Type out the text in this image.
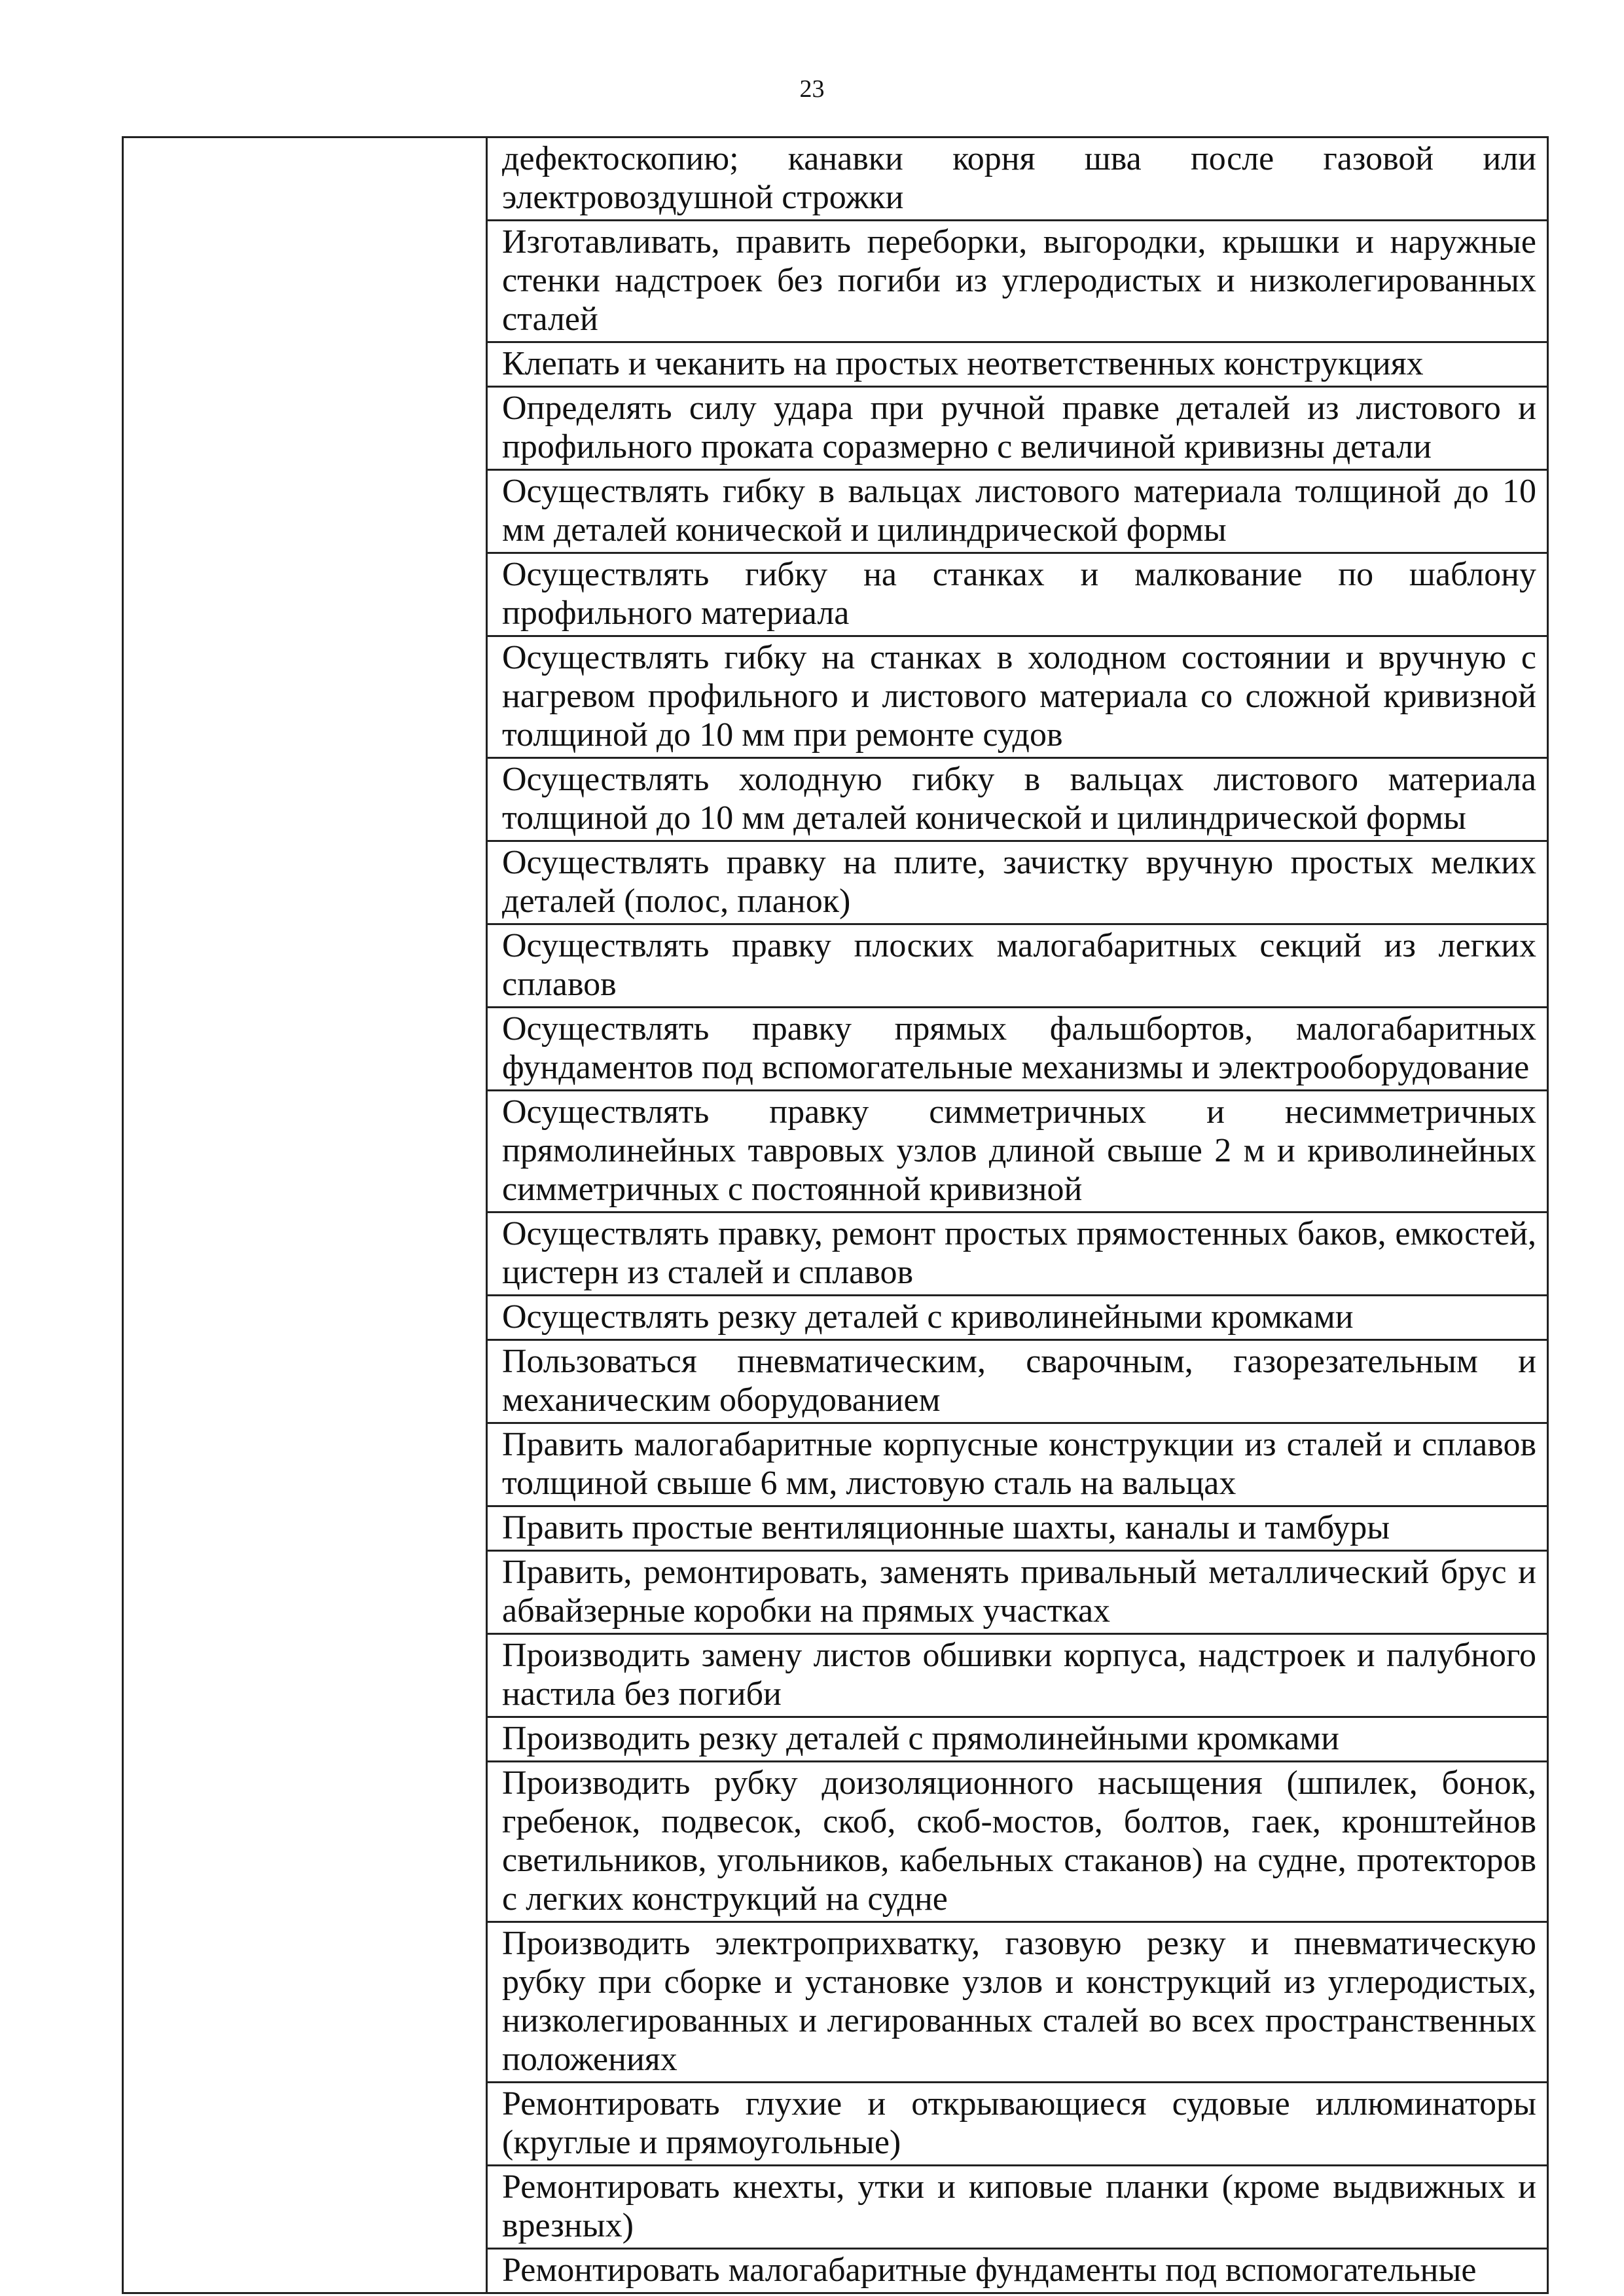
23
дефектоскопию; канавки корня шва после газовой или электровоздушной строжки
Изготавливать, править переборки, выгородки, крышки и наружные стенки надстроек без погиби из углеродистых и низколегированных сталей
Клепать и чеканить на простых неответственных конструкциях
Определять силу удара при ручной правке деталей из листового и профильного проката соразмерно с величиной кривизны детали
Осуществлять гибку в вальцах листового материала толщиной до 10 мм деталей конической и цилиндрической формы
Осуществлять гибку на станках и малкование по шаблону профильного материала
Осуществлять гибку на станках в холодном состоянии и вручную с нагревом профильного и листового материала со сложной кривизной толщиной до 10 мм при ремонте судов
Осуществлять холодную гибку в вальцах листового материала толщиной до 10 мм деталей конической и цилиндрической формы
Осуществлять правку на плите, зачистку вручную простых мелких деталей (полос, планок)
Осуществлять правку плоских малогабаритных секций из легких сплавов
Осуществлять правку прямых фальшбортов, малогабаритных фундаментов под вспомогательные механизмы и электрооборудование
Осуществлять правку симметричных и несимметричных прямолинейных тавровых узлов длиной свыше 2 м и криволинейных симметричных с постоянной кривизной
Осуществлять правку, ремонт простых прямостенных баков, емкостей, цистерн из сталей и сплавов
Осуществлять резку деталей с криволинейными кромками
Пользоваться пневматическим, сварочным, газорезательным и механическим оборудованием
Править малогабаритные корпусные конструкции из сталей и сплавов толщиной свыше 6 мм, листовую сталь на вальцах
Править простые вентиляционные шахты, каналы и тамбуры
Править, ремонтировать, заменять привальный металлический брус и абвайзерные коробки на прямых участках
Производить замену листов обшивки корпуса, надстроек и палубного настила без погиби
Производить резку деталей с прямолинейными кромками
Производить рубку доизоляционного насыщения (шпилек, бонок, гребенок, подвесок, скоб, скоб-мостов, болтов, гаек, кронштейнов светильников, угольников, кабельных стаканов) на судне, протекторов с легких конструкций на судне
Производить электроприхватку, газовую резку и пневматическую рубку при сборке и установке узлов и конструкций из углеродистых, низколегированных и легированных сталей во всех пространственных положениях
Ремонтировать глухие и открывающиеся судовые иллюминаторы (круглые и прямоугольные)
Ремонтировать кнехты, утки и киповые планки (кроме выдвижных и врезных)
Ремонтировать малогабаритные фундаменты под вспомогательные
